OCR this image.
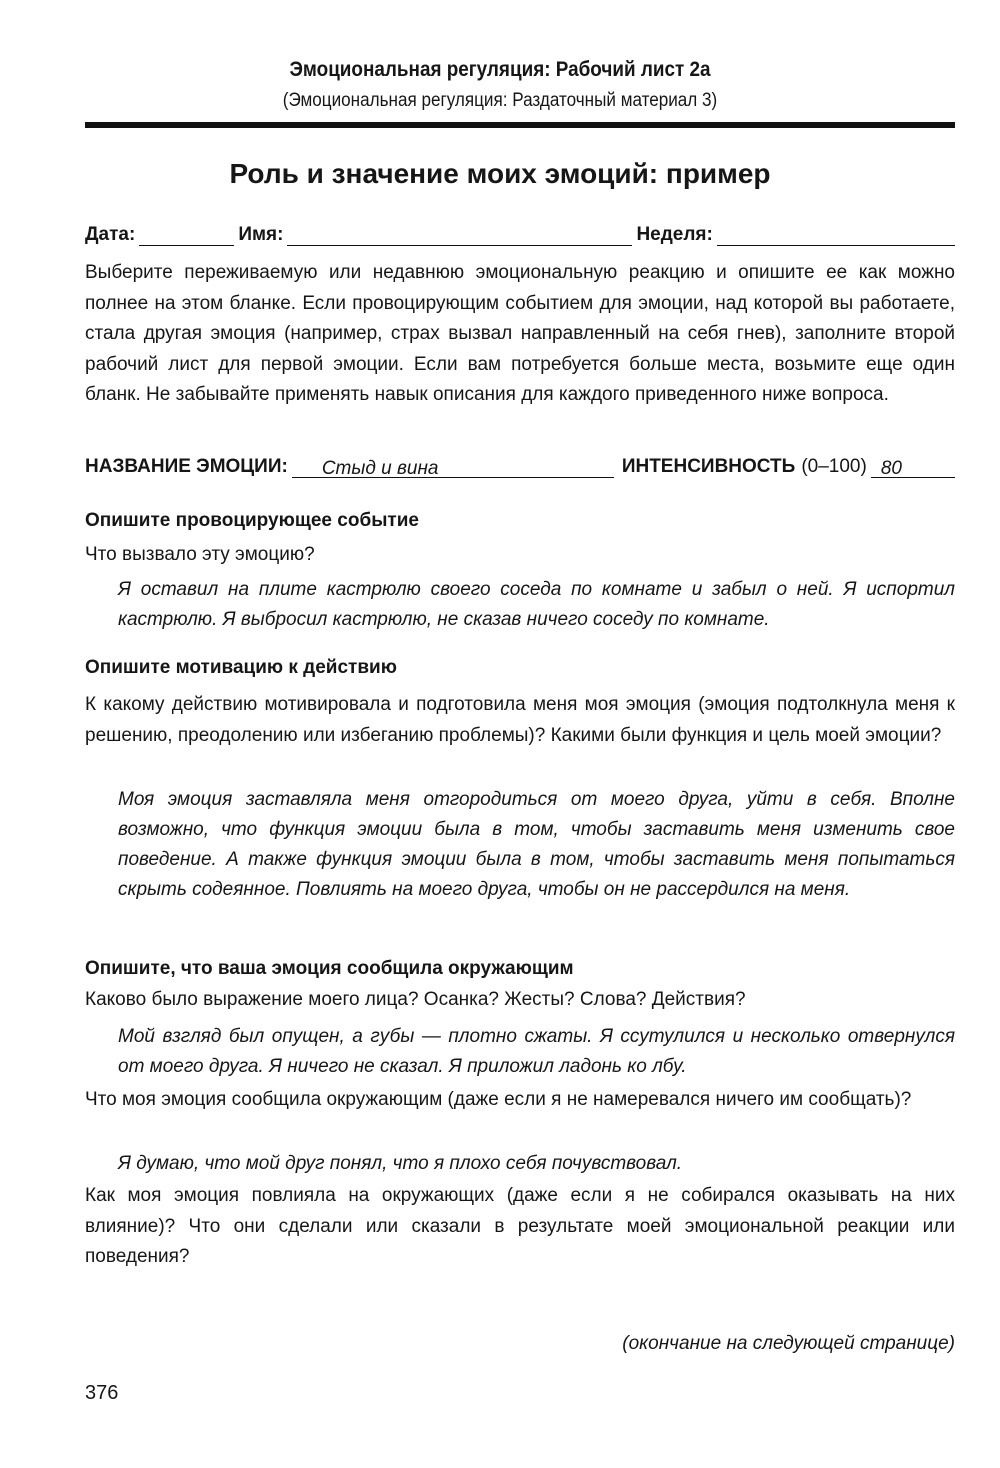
Эмоциональная регуляция: Рабочий лист 2а
(Эмоциональная регуляция: Раздаточный материал 3)
Роль и значение моих эмоций: пример
Дата:	Имя:	Неделя:
Выберите переживаемую или недавнюю эмоциональную реакцию и опишите ее как можно полнее на этом бланке. Если провоцирующим событием для эмоции, над которой вы работаете, стала другая эмоция (например, страх вызвал направленный на себя гнев), заполните второй рабочий лист для первой эмоции. Если вам потребуется больше места, возьмите еще один бланк. Не забывайте применять навык описания для каждого приведенного ниже вопроса.
НАЗВАНИЕ ЭМОЦИИ:	Стыд и вина	ИНТЕНСИВНОСТЬ (0–100) 80
Опишите провоцирующее событие
Что вызвало эту эмоцию?
Я оставил на плите кастрюлю своего соседа по комнате и забыл о ней. Я испортил кастрюлю. Я выбросил кастрюлю, не сказав ничего соседу по комнате.
Опишите мотивацию к действию
К какому действию мотивировала и подготовила меня моя эмоция (эмоция подтолкнула меня к решению, преодолению или избеганию проблемы)? Какими были функция и цель моей эмоции?
Моя эмоция заставляла меня отгородиться от моего друга, уйти в себя. Вполне возможно, что функция эмоции была в том, чтобы заставить меня изменить свое поведение. А также функция эмоции была в том, чтобы заставить меня попытаться скрыть содеянное. Повлиять на моего друга, чтобы он не рассердился на меня.
Опишите, что ваша эмоция сообщила окружающим
Каково было выражение моего лица? Осанка? Жесты? Слова? Действия?
Мой взгляд был опущен, а губы — плотно сжаты. Я ссутулился и несколько отвернулся от моего друга. Я ничего не сказал. Я приложил ладонь ко лбу.
Что моя эмоция сообщила окружающим (даже если я не намеревался ничего им сообщать)?
Я думаю, что мой друг понял, что я плохо себя почувствовал.
Как моя эмоция повлияла на окружающих (даже если я не собирался оказывать на них влияние)? Что они сделали или сказали в результате моей эмоциональной реакции или поведения?
(окончание на следующей странице)
376
